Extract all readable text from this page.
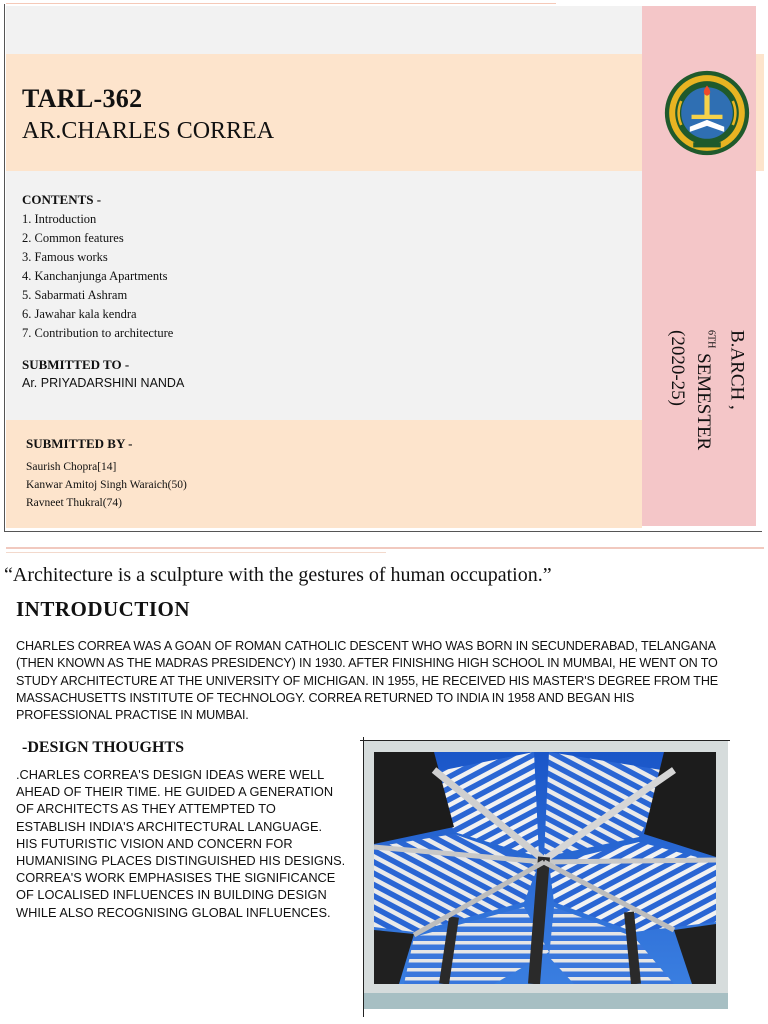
TARL-362
AR.CHARLES CORREA
CONTENTS -
1. Introduction
2. Common features
3. Famous works
4. Kanchanjunga Apartments
5. Sabarmati Ashram
6. Jawahar kala kendra
7. Contribution to architecture
SUBMITTED TO -
Ar. PRIYADARSHINI NANDA
SUBMITTED BY -
Saurish Chopra[14]
Kanwar Amitoj Singh Waraich(50)
Ravneet Thukral(74)
B.ARCH ,
$^{6TH}$ SEMESTER
(2020-25)
“Architecture is a sculpture with the gestures of human occupation.”
INTRODUCTION
CHARLES CORREA WAS A GOAN OF ROMAN CATHOLIC DESCENT WHO WAS BORN IN SECUNDERABAD, TELANGANA (THEN KNOWN AS THE MADRAS PRESIDENCY) IN 1930. AFTER FINISHING HIGH SCHOOL IN MUMBAI, HE WENT ON TO STUDY ARCHITECTURE AT THE UNIVERSITY OF MICHIGAN. IN 1955, HE RECEIVED HIS MASTER'S DEGREE FROM THE MASSACHUSETTS INSTITUTE OF TECHNOLOGY. CORREA RETURNED TO INDIA IN 1958 AND BEGAN HIS PROFESSIONAL PRACTISE IN MUMBAI.
-DESIGN THOUGHTS
.CHARLES CORREA'S DESIGN IDEAS WERE WELL AHEAD OF THEIR TIME. HE GUIDED A GENERATION OF ARCHITECTS AS THEY ATTEMPTED TO ESTABLISH INDIA'S ARCHITECTURAL LANGUAGE. HIS FUTURISTIC VISION AND CONCERN FOR HUMANISING PLACES DISTINGUISHED HIS DESIGNS. CORREA'S WORK EMPHASISES THE SIGNIFICANCE OF LOCALISED INFLUENCES IN BUILDING DESIGN WHILE ALSO RECOGNISING GLOBAL INFLUENCES.
